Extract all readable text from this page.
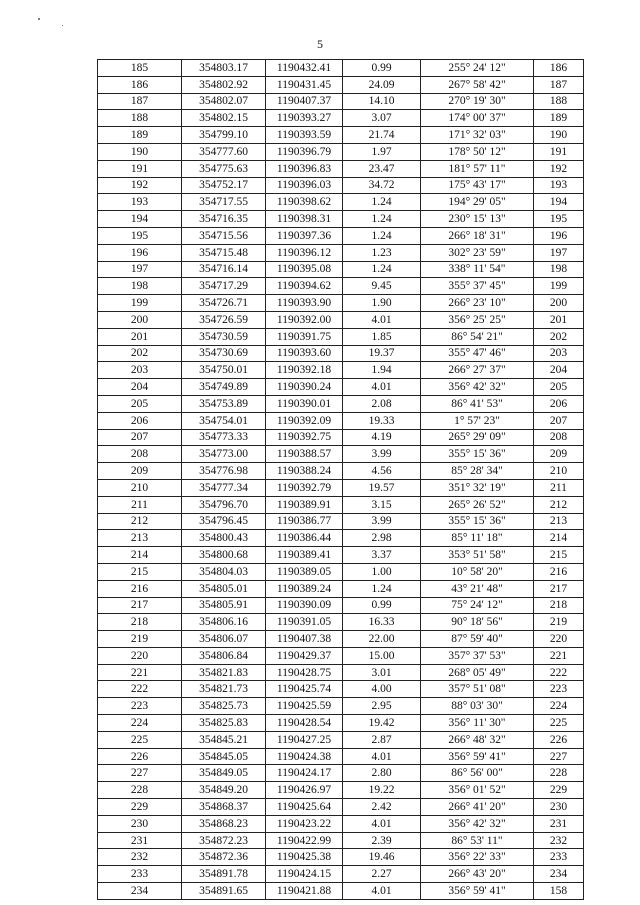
5
185	354803.17	1190432.41	0.99	255° 24' 12"	186
186	354802.92	1190431.45	24.09	267° 58' 42"	187
187	354802.07	1190407.37	14.10	270° 19' 30"	188
188	354802.15	1190393.27	3.07	174° 00' 37"	189
189	354799.10	1190393.59	21.74	171° 32' 03"	190
190	354777.60	1190396.79	1.97	178° 50' 12"	191
191	354775.63	1190396.83	23.47	181° 57' 11"	192
192	354752.17	1190396.03	34.72	175° 43' 17"	193
193	354717.55	1190398.62	1.24	194° 29' 05"	194
194	354716.35	1190398.31	1.24	230° 15' 13"	195
195	354715.56	1190397.36	1.24	266° 18' 31"	196
196	354715.48	1190396.12	1.23	302° 23' 59"	197
197	354716.14	1190395.08	1.24	338° 11' 54"	198
198	354717.29	1190394.62	9.45	355° 37' 45"	199
199	354726.71	1190393.90	1.90	266° 23' 10"	200
200	354726.59	1190392.00	4.01	356° 25' 25"	201
201	354730.59	1190391.75	1.85	86° 54' 21"	202
202	354730.69	1190393.60	19.37	355° 47' 46"	203
203	354750.01	1190392.18	1.94	266° 27' 37"	204
204	354749.89	1190390.24	4.01	356° 42' 32"	205
205	354753.89	1190390.01	2.08	86° 41' 53"	206
206	354754.01	1190392.09	19.33	1° 57' 23"	207
207	354773.33	1190392.75	4.19	265° 29' 09"	208
208	354773.00	1190388.57	3.99	355° 15' 36"	209
209	354776.98	1190388.24	4.56	85° 28' 34"	210
210	354777.34	1190392.79	19.57	351° 32' 19"	211
211	354796.70	1190389.91	3.15	265° 26' 52"	212
212	354796.45	1190386.77	3.99	355° 15' 36"	213
213	354800.43	1190386.44	2.98	85° 11' 18"	214
214	354800.68	1190389.41	3.37	353° 51' 58"	215
215	354804.03	1190389.05	1.00	10° 58' 20"	216
216	354805.01	1190389.24	1.24	43° 21' 48"	217
217	354805.91	1190390.09	0.99	75° 24' 12"	218
218	354806.16	1190391.05	16.33	90° 18' 56"	219
219	354806.07	1190407.38	22.00	87° 59' 40"	220
220	354806.84	1190429.37	15.00	357° 37' 53"	221
221	354821.83	1190428.75	3.01	268° 05' 49"	222
222	354821.73	1190425.74	4.00	357° 51' 08"	223
223	354825.73	1190425.59	2.95	88° 03' 30"	224
224	354825.83	1190428.54	19.42	356° 11' 30"	225
225	354845.21	1190427.25	2.87	266° 48' 32"	226
226	354845.05	1190424.38	4.01	356° 59' 41"	227
227	354849.05	1190424.17	2.80	86° 56' 00"	228
228	354849.20	1190426.97	19.22	356° 01' 52"	229
229	354868.37	1190425.64	2.42	266° 41' 20"	230
230	354868.23	1190423.22	4.01	356° 42' 32"	231
231	354872.23	1190422.99	2.39	86° 53' 11"	232
232	354872.36	1190425.38	19.46	356° 22' 33"	233
233	354891.78	1190424.15	2.27	266° 43' 20"	234
234	354891.65	1190421.88	4.01	356° 59' 41"	158
